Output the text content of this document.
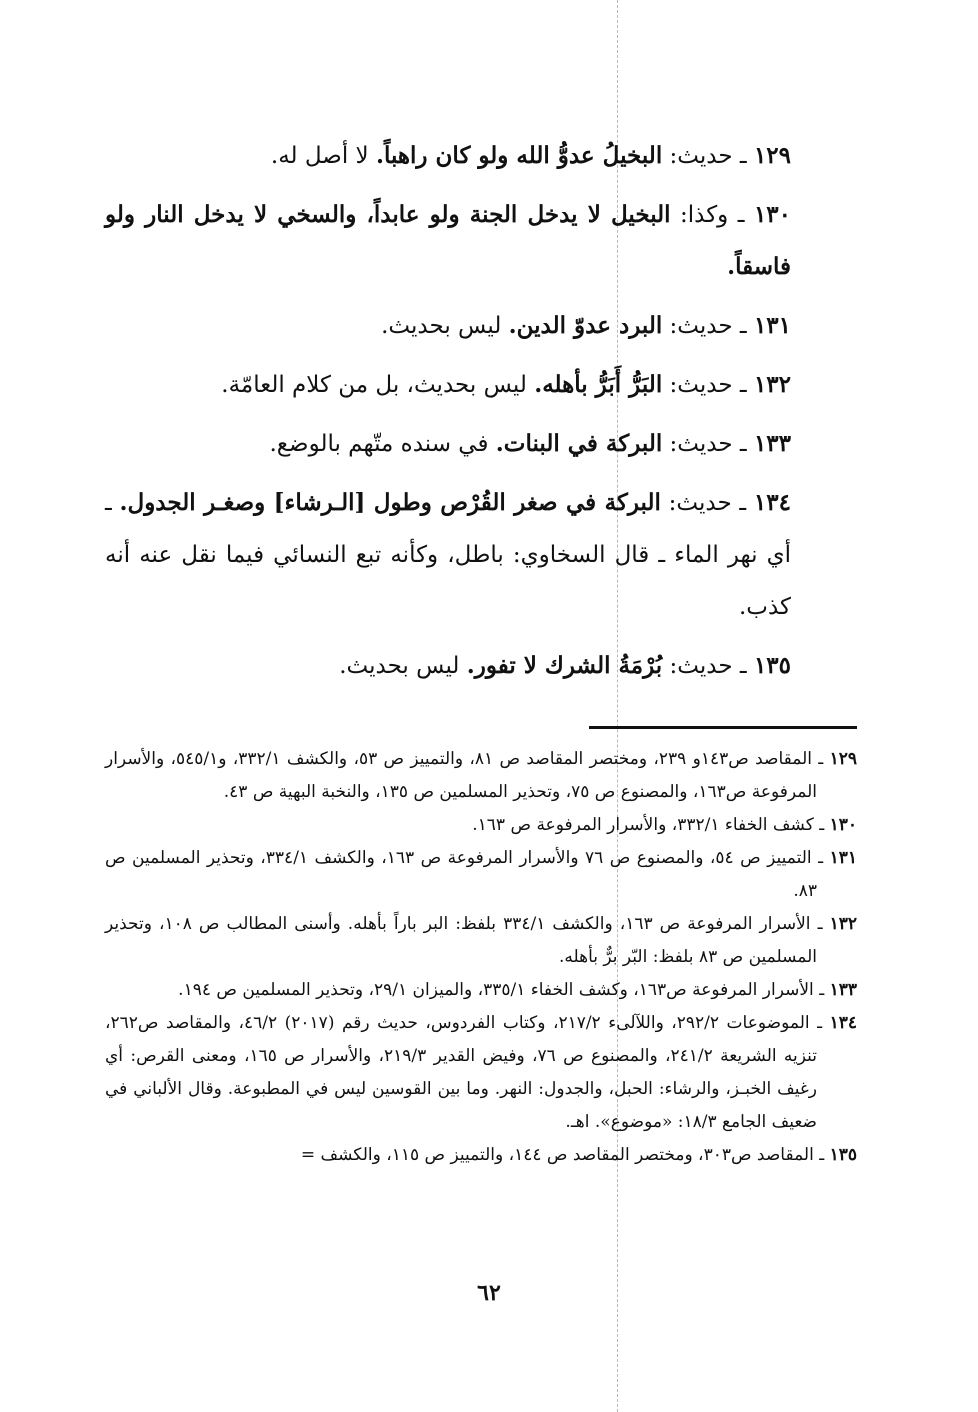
١٢٩ ـ حديث: البخيلُ عدوُّ الله ولو كان راهباً. لا أصل له.

١٣٠ ـ وكذا: البخيل لا يدخل الجنة ولو عابداً، والسخي لا يدخل النار ولو فاسقاً.

١٣١ ـ حديث: البرد عدوّ الدين. ليس بحديث.

١٣٢ ـ حديث: البَرُّ أَبَرُّ بأهله. ليس بحديث، بل من كلام العامّة.

١٣٣ ـ حديث: البركة في البنات. في سنده متّهم بالوضع.

١٣٤ ـ حديث: البركة في صغر القُرْص وطول [الـرشاء] وصغـر الجدول. ـ أي نهر الماء ـ قال السخاوي: باطل، وكأنه تبع النسائي فيما نقل عنه أنه كذب.

١٣٥ ـ حديث: بُرْمَةُ الشرك لا تفور. ليس بحديث.

١٢٩ ـ المقاصد ص١٤٣و ٢٣٩، ومختصر المقاصد ص ٨١، والتمييز ص ٥٣، والكشف ٣٣٢/١، و٥٤٥/١، والأسرار المرفوعة ص١٦٣، والمصنوع ص ٧٥، وتحذير المسلمين ص ١٣٥، والنخبة البهية ص ٤٣.

١٣٠ ـ كشف الخفاء ٣٣٢/١، والأسرار المرفوعة ص ١٦٣.

١٣١ ـ التمييز ص ٥٤، والمصنوع ص ٧٦ والأسرار المرفوعة ص ١٦٣، والكشف ٣٣٤/١، وتحذير المسلمين ص ٨٣.

١٣٢ ـ الأسرار المرفوعة ص ١٦٣، والكشف ٣٣٤/١ بلفظ: البر باراً بأهله. وأسنى المطالب ص ١٠٨، وتحذير المسلمين ص ٨٣ بلفظ: البّر برٌّ بأهله.

١٣٣ ـ الأسرار المرفوعة ص١٦٣، وكشف الخفاء ٣٣٥/١، والميزان ٢٩/١، وتحذير المسلمين ص ١٩٤.

١٣٤ ـ الموضوعات ٢٩٢/٢، واللآلىء ٢١٧/٢، وكتاب الفردوس، حديث رقم (٢٠١٧) ٤٦/٢، والمقاصد ص٢٦٢، تنزيه الشريعة ٢٤١/٢، والمصنوع ص ٧٦، وفيض القدير ٢١٩/٣، والأسرار ص ١٦٥، ومعنى القرص: أي رغيف الخبـز، والرشاء: الحبل، والجدول: النهر. وما بين القوسين ليس في المطبوعة. وقال الألباني في ضعيف الجامع ١٨/٣: «موضوع». اهـ.

١٣٥ ـ المقاصد ص٣٠٣، ومختصر المقاصد ص ١٤٤، والتمييز ص ١١٥، والكشف =

٦٢
